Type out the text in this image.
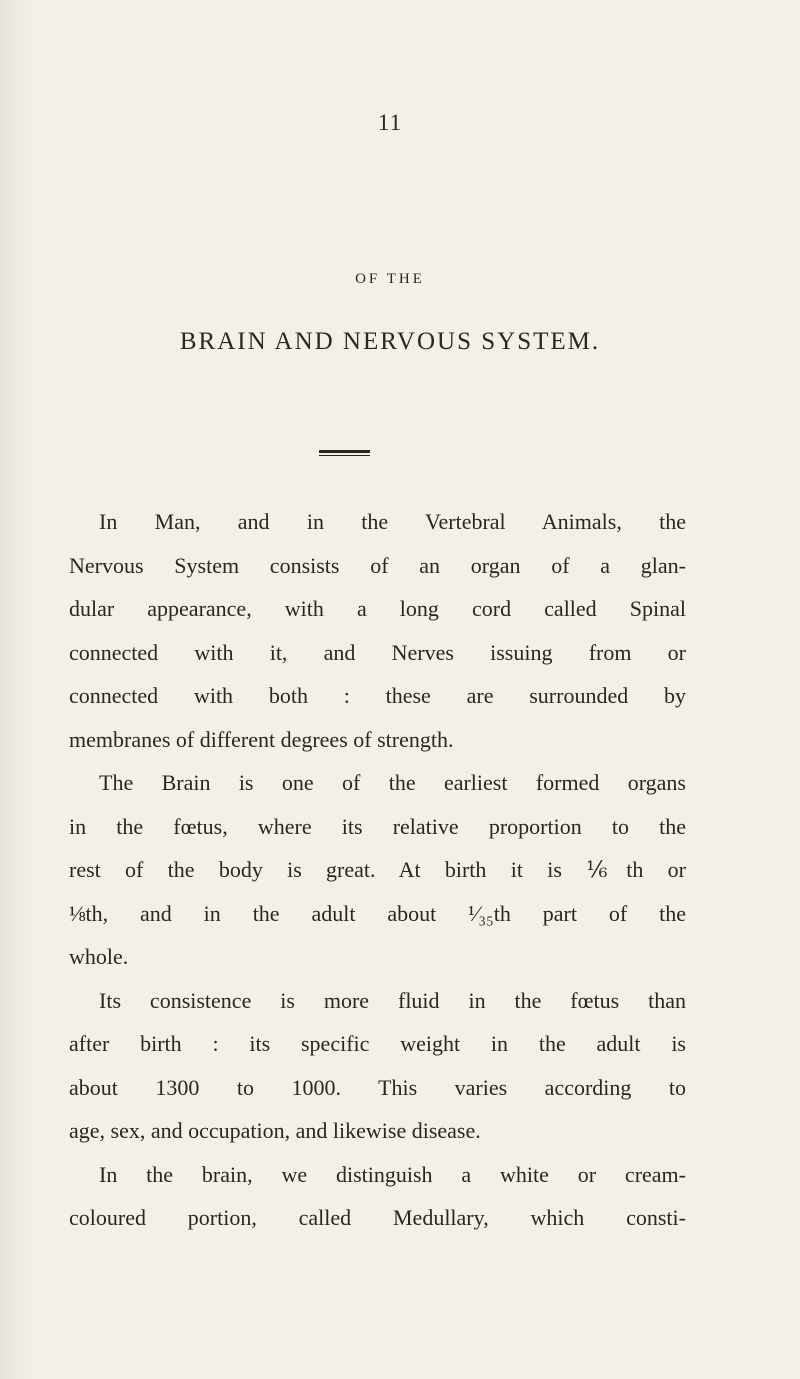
11
OF THE
BRAIN AND NERVOUS SYSTEM.
In Man, and in the Vertebral Animals, the
Nervous System consists of an organ of a glan-
dular appearance, with a long cord called Spinal
connected with it, and Nerves issuing from or
connected with both : these are surrounded by
membranes of different degrees of strength.
The Brain is one of the earliest formed organs
in the fœtus, where its relative proportion to the
rest of the body is great. At birth it is ⅙th or
⅛th, and in the adult about ¹⁄₃₅th part of the
whole.
Its consistence is more fluid in the fœtus than
after birth : its specific weight in the adult is
about 1300 to 1000. This varies according to
age, sex, and occupation, and likewise disease.
In the brain, we distinguish a white or cream-
coloured portion, called Medullary, which consti-
